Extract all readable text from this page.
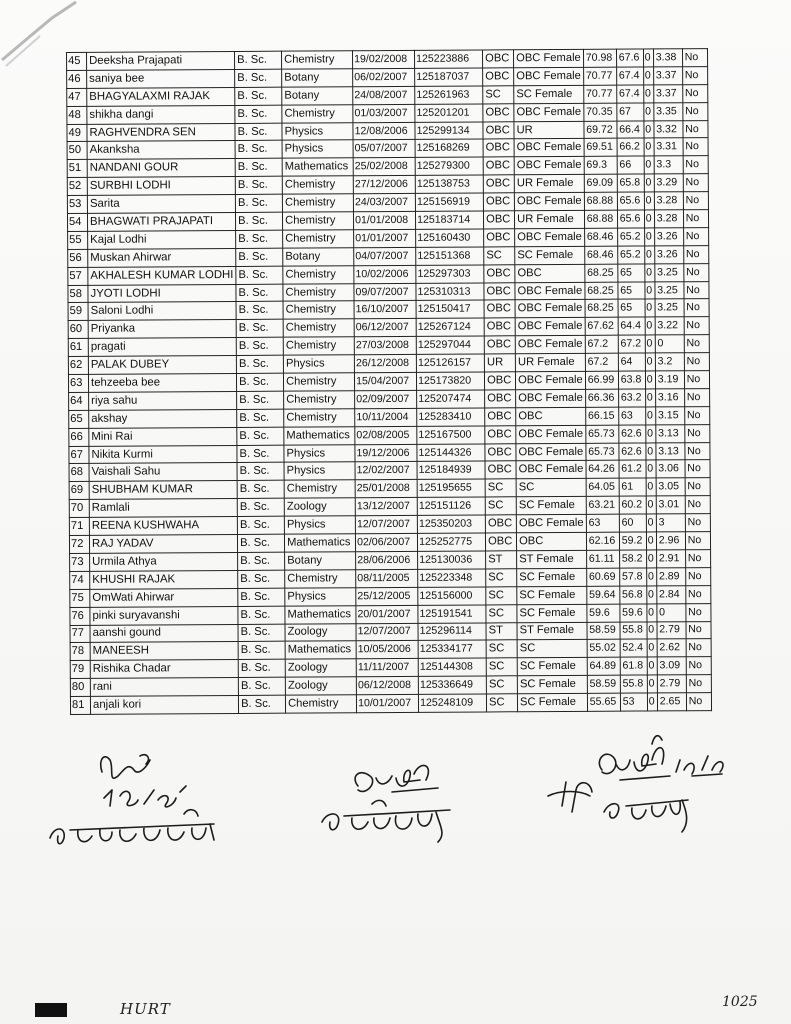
45	Deeksha Prajapati	B. Sc.	Chemistry	19/02/2008	125223886	OBC	OBC Female	70.98	67.6	0	3.38	No
46	saniya bee	B. Sc.	Botany	06/02/2007	125187037	OBC	OBC Female	70.77	67.4	0	3.37	No
47	BHAGYALAXMI RAJAK	B. Sc.	Botany	24/08/2007	125261963	SC	SC Female	70.77	67.4	0	3.37	No
48	shikha dangi	B. Sc.	Chemistry	01/03/2007	125201201	OBC	OBC Female	70.35	67	0	3.35	No
49	RAGHVENDRA SEN	B. Sc.	Physics	12/08/2006	125299134	OBC	UR	69.72	66.4	0	3.32	No
50	Akanksha	B. Sc.	Physics	05/07/2007	125168269	OBC	OBC Female	69.51	66.2	0	3.31	No
51	NANDANI GOUR	B. Sc.	Mathematics	25/02/2008	125279300	OBC	OBC Female	69.3	66	0	3.3	No
52	SURBHI LODHI	B. Sc.	Chemistry	27/12/2006	125138753	OBC	UR Female	69.09	65.8	0	3.29	No
53	Sarita	B. Sc.	Chemistry	24/03/2007	125156919	OBC	OBC Female	68.88	65.6	0	3.28	No
54	BHAGWATI PRAJAPATI	B. Sc.	Chemistry	01/01/2008	125183714	OBC	UR Female	68.88	65.6	0	3.28	No
55	Kajal Lodhi	B. Sc.	Chemistry	01/01/2007	125160430	OBC	OBC Female	68.46	65.2	0	3.26	No
56	Muskan Ahirwar	B. Sc.	Botany	04/07/2007	125151368	SC	SC Female	68.46	65.2	0	3.26	No
57	AKHALESH KUMAR LODHI	B. Sc.	Chemistry	10/02/2006	125297303	OBC	OBC	68.25	65	0	3.25	No
58	JYOTI LODHI	B. Sc.	Chemistry	09/07/2007	125310313	OBC	OBC Female	68.25	65	0	3.25	No
59	Saloni Lodhi	B. Sc.	Chemistry	16/10/2007	125150417	OBC	OBC Female	68.25	65	0	3.25	No
60	Priyanka	B. Sc.	Chemistry	06/12/2007	125267124	OBC	OBC Female	67.62	64.4	0	3.22	No
61	pragati	B. Sc.	Chemistry	27/03/2008	125297044	OBC	OBC Female	67.2	67.2	0	0	No
62	PALAK DUBEY	B. Sc.	Physics	26/12/2008	125126157	UR	UR Female	67.2	64	0	3.2	No
63	tehzeeba bee	B. Sc.	Chemistry	15/04/2007	125173820	OBC	OBC Female	66.99	63.8	0	3.19	No
64	riya sahu	B. Sc.	Chemistry	02/09/2007	125207474	OBC	OBC Female	66.36	63.2	0	3.16	No
65	akshay	B. Sc.	Chemistry	10/11/2004	125283410	OBC	OBC	66.15	63	0	3.15	No
66	Mini Rai	B. Sc.	Mathematics	02/08/2005	125167500	OBC	OBC Female	65.73	62.6	0	3.13	No
67	Nikita Kurmi	B. Sc.	Physics	19/12/2006	125144326	OBC	OBC Female	65.73	62.6	0	3.13	No
68	Vaishali Sahu	B. Sc.	Physics	12/02/2007	125184939	OBC	OBC Female	64.26	61.2	0	3.06	No
69	SHUBHAM KUMAR	B. Sc.	Chemistry	25/01/2008	125195655	SC	SC	64.05	61	0	3.05	No
70	Ramlali	B. Sc.	Zoology	13/12/2007	125151126	SC	SC Female	63.21	60.2	0	3.01	No
71	REENA KUSHWAHA	B. Sc.	Physics	12/07/2007	125350203	OBC	OBC Female	63	60	0	3	No
72	RAJ YADAV	B. Sc.	Mathematics	02/06/2007	125252775	OBC	OBC	62.16	59.2	0	2.96	No
73	Urmila Athya	B. Sc.	Botany	28/06/2006	125130036	ST	ST Female	61.11	58.2	0	2.91	No
74	KHUSHI RAJAK	B. Sc.	Chemistry	08/11/2005	125223348	SC	SC Female	60.69	57.8	0	2.89	No
75	OmWati Ahirwar	B. Sc.	Physics	25/12/2005	125156000	SC	SC Female	59.64	56.8	0	2.84	No
76	pinki suryavanshi	B. Sc.	Mathematics	20/01/2007	125191541	SC	SC Female	59.6	59.6	0	0	No
77	aanshi gound	B. Sc.	Zoology	12/07/2007	125296114	ST	ST Female	58.59	55.8	0	2.79	No
78	MANEESH	B. Sc.	Mathematics	10/05/2006	125334177	SC	SC	55.02	52.4	0	2.62	No
79	Rishika Chadar	B. Sc.	Zoology	11/11/2007	125144308	SC	SC Female	64.89	61.8	0	3.09	No
80	rani	B. Sc.	Zoology	06/12/2008	125336649	SC	SC Female	58.59	55.8	0	2.79	No
81	anjali kori	B. Sc.	Chemistry	10/01/2007	125248109	SC	SC Female	55.65	53	0	2.65	No
HURT	1025
